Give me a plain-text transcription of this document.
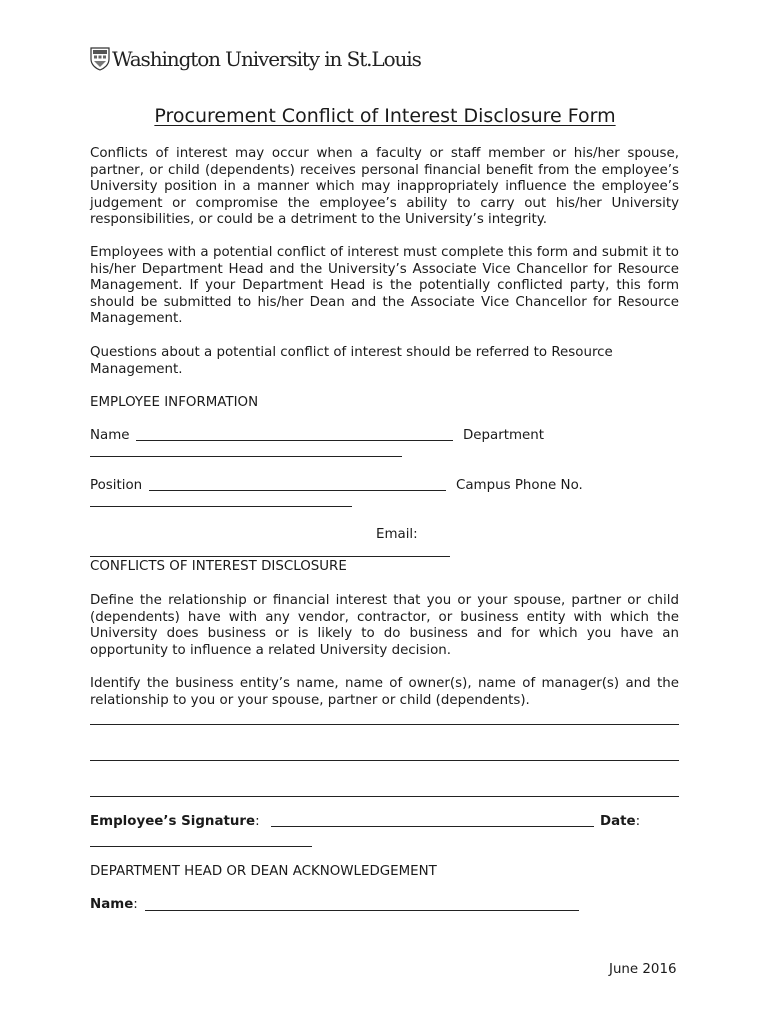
Washington University in St.Louis
Procurement Conflict of Interest Disclosure Form
Conflicts of interest may occur when a faculty or staff member or his/her spouse, partner, or child (dependents) receives personal financial benefit from the employee’s University position in a manner which may inappropriately influence the employee’s judgement or compromise the employee’s ability to carry out his/her University responsibilities, or could be a detriment to the University’s integrity.
Employees with a potential conflict of interest must complete this form and submit it to his/her Department Head and the University’s Associate Vice Chancellor for Resource Management. If your Department Head is the potentially conflicted party, this form should be submitted to his/her Dean and the Associate Vice Chancellor for Resource Management.
Questions about a potential conflict of interest should be referred to Resource Management.
EMPLOYEE INFORMATION
Name	Department
Position	Campus Phone No.
Email:
CONFLICTS OF INTEREST DISCLOSURE
Define the relationship or financial interest that you or your spouse, partner or child (dependents) have with any vendor, contractor, or business entity with which the University does business or is likely to do business and for which you have an opportunity to influence a related University decision.
Identify the business entity’s name, name of owner(s), name of manager(s) and the relationship to you or your spouse, partner or child (dependents).
Employee’s Signature:	Date:
DEPARTMENT HEAD OR DEAN ACKNOWLEDGEMENT
Name:
June 2016
